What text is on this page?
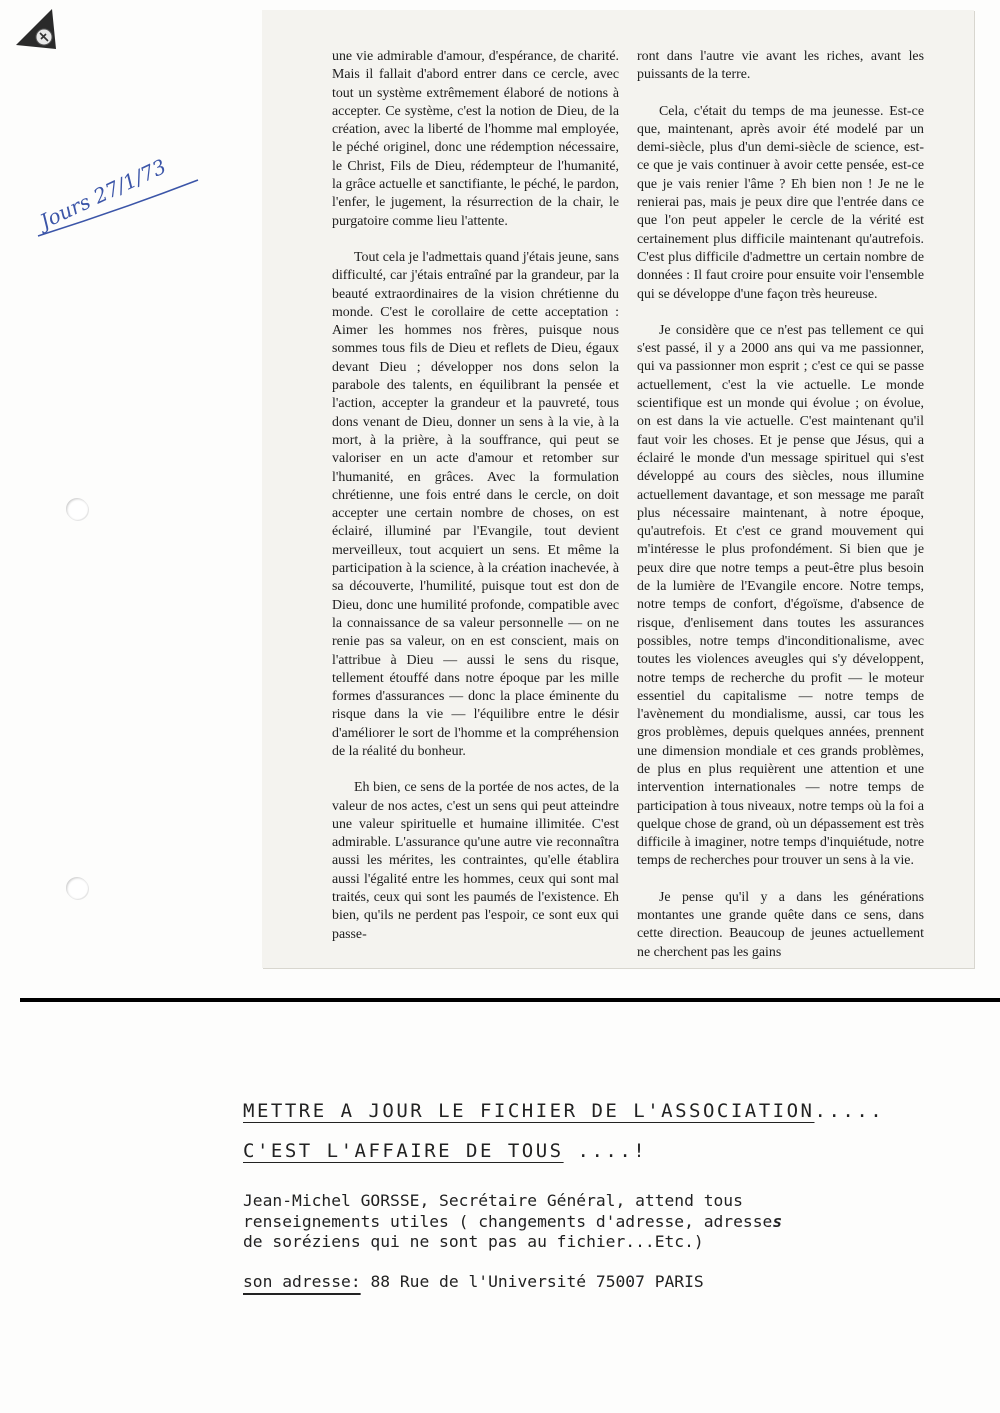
Jours 27/1/73

une vie admirable d'amour, d'espérance, de charité. Mais il fallait d'abord entrer dans ce cercle, avec tout un système extrêmement élaboré de notions à accepter. Ce système, c'est la notion de Dieu, de la création, avec la liberté de l'homme mal employée, le péché originel, donc une rédemption nécessaire, le Christ, Fils de Dieu, rédempteur de l'humanité, la grâce actuelle et sanctifiante, le péché, le pardon, l'enfer, le jugement, la résurrection de la chair, le purgatoire comme lieu l'attente.

Tout cela je l'admettais quand j'étais jeune, sans difficulté, car j'étais entraîné par la grandeur, par la beauté extraordinaires de la vision chrétienne du monde. C'est le corollaire de cette acceptation : Aimer les hommes nos frères, puisque nous sommes tous fils de Dieu et reflets de Dieu, égaux devant Dieu ; développer nos dons selon la parabole des talents, en équilibrant la pensée et l'action, accepter la grandeur et la pauvreté, tous dons venant de Dieu, donner un sens à la vie, à la mort, à la prière, à la souffrance, qui peut se valoriser en un acte d'amour et retomber sur l'humanité, en grâces. Avec la formulation chrétienne, une fois entré dans le cercle, on doit accepter une certain nombre de choses, on est éclairé, illuminé par l'Evangile, tout devient merveilleux, tout acquiert un sens. Et même la participation à la science, à la création inachevée, à sa découverte, l'humilité, puisque tout est don de Dieu, donc une humilité profonde, compatible avec la connaissance de sa valeur personnelle — on ne renie pas sa valeur, on en est conscient, mais on l'attribue à Dieu — aussi le sens du risque, tellement étouffé dans notre époque par les mille formes d'assurances — donc la place éminente du risque dans la vie — l'équilibre entre le désir d'améliorer le sort de l'homme et la compréhension de la réalité du bonheur.

Eh bien, ce sens de la portée de nos actes, de la valeur de nos actes, c'est un sens qui peut atteindre une valeur spirituelle et humaine illimitée. C'est admirable. L'assurance qu'une autre vie reconnaîtra aussi les mérites, les contraintes, qu'elle établira aussi l'égalité entre les hommes, ceux qui sont mal traités, ceux qui sont les paumés de l'existence. Eh bien, qu'ils ne perdent pas l'espoir, ce sont eux qui passe-

ront dans l'autre vie avant les riches, avant les puissants de la terre.

Cela, c'était du temps de ma jeunesse. Est-ce que, maintenant, après avoir été modelé par un demi-siècle, plus d'un demi-siècle de science, est-ce que je vais continuer à avoir cette pensée, est-ce que je vais renier l'âme ? Eh bien non ! Je ne le renierai pas, mais je peux dire que l'entrée dans ce que l'on peut appeler le cercle de la vérité est certainement plus difficile maintenant qu'autrefois. C'est plus difficile d'admettre un certain nombre de données : Il faut croire pour ensuite voir l'ensemble qui se développe d'une façon très heureuse.

Je considère que ce n'est pas tellement ce qui s'est passé, il y a 2000 ans qui va me passionner, qui va passionner mon esprit ; c'est ce qui se passe actuellement, c'est la vie actuelle. Le monde scientifique est un monde qui évolue ; on évolue, on est dans la vie actuelle. C'est maintenant qu'il faut voir les choses. Et je pense que Jésus, qui a éclairé le monde d'un message spirituel qui s'est développé au cours des siècles, nous illumine actuellement davantage, et son message me paraît plus nécessaire maintenant, à notre époque, qu'autrefois. Et c'est ce grand mouvement qui m'intéresse le plus profondément. Si bien que je peux dire que notre temps a peut-être plus besoin de la lumière de l'Evangile encore. Notre temps, notre temps de confort, d'égoïsme, d'absence de risque, d'enlisement dans toutes les assurances possibles, notre temps d'inconditionalisme, avec toutes les violences aveugles qui s'y développent, notre temps de recherche du profit — le moteur essentiel du capitalisme — notre temps de l'avènement du mondialisme, aussi, car tous les gros problèmes, depuis quelques années, prennent une dimension mondiale et ces grands problèmes, de plus en plus requièrent une attention et une intervention internationales — notre temps de participation à tous niveaux, notre temps où la foi a quelque chose de grand, où un dépassement est très difficile à imaginer, notre temps d'inquiétude, notre temps de recherches pour trouver un sens à la vie.

Je pense qu'il y a dans les générations montantes une grande quête dans ce sens, dans cette direction. Beaucoup de jeunes actuellement ne cherchent pas les gains

METTRE A JOUR LE FICHIER DE L'ASSOCIATION.....
C'EST L'AFFAIRE DE TOUS ....!
Jean-Michel GORSSE, Secrétaire Général, attend tous
renseignements utiles ( changements d'adresse, adresses
de soréziens qui ne sont pas au fichier...Etc.)
son adresse: 88 Rue de l'Université 75007 PARIS
